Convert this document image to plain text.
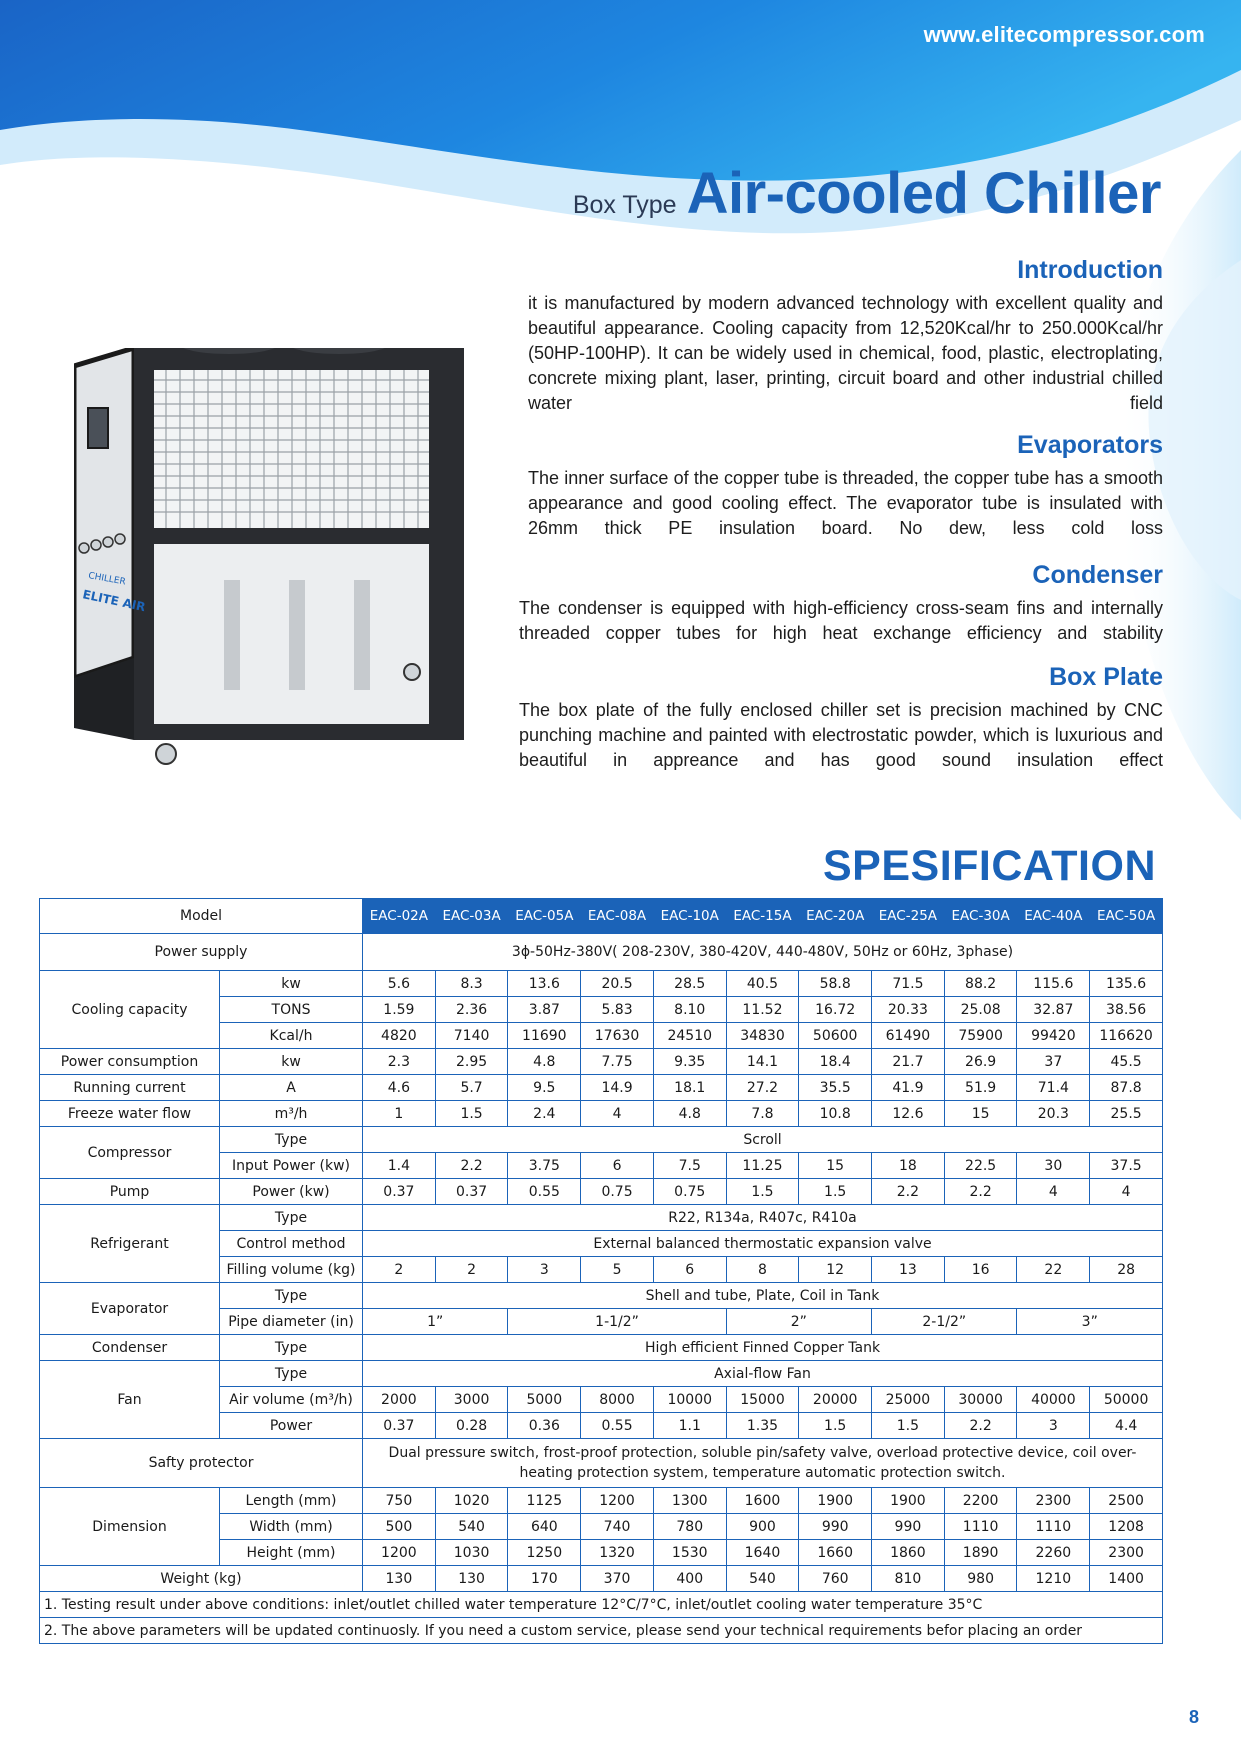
www.elitecompressor.com
Box Type Air-cooled Chiller
CHILLER
ELITE AIR
Introduction

it is manufactured by modern advanced technology with excellent quality and beautiful appearance. Cooling capacity from 12,520Kcal/hr to 250.000Kcal/hr (50HP-100HP). It can be widely used in chemical, food, plastic, electroplating, concrete mixing plant, laser, printing, circuit board and other industrial chilled water field

Evaporators

The inner surface of the copper tube is threaded, the copper tube has a smooth appearance and good cooling effect. The evaporator tube is insulated with 26mm thick PE insulation board. No dew, less cold loss

Condenser

The condenser is equipped with high-efficiency cross-seam fins and internally threaded copper tubes for high heat exchange efficiency and stability

Box Plate

The box plate of the fully enclosed chiller set is precision machined by CNC punching machine and painted with electrostatic powder, which is luxurious and beautiful in appreance and has good sound insulation effect

SPESIFICATION
Model		EAC-02A	EAC-03A	EAC-05A	EAC-08A	EAC-10A	EAC-15A	EAC-20A	EAC-25A	EAC-30A	EAC-40A	EAC-50A
Power supply		3ϕ-50Hz-380V( 208-230V, 380-420V, 440-480V, 50Hz or 60Hz, 3phase)										
Cooling capacity	kw	5.6	8.3	13.6	20.5	28.5	40.5	58.8	71.5	88.2	115.6	135.6
	TONS	1.59	2.36	3.87	5.83	8.10	11.52	16.72	20.33	25.08	32.87	38.56
	Kcal/h	4820	7140	11690	17630	24510	34830	50600	61490	75900	99420	116620
Power consumption	kw	2.3	2.95	4.8	7.75	9.35	14.1	18.4	21.7	26.9	37	45.5
Running current	A	4.6	5.7	9.5	14.9	18.1	27.2	35.5	41.9	51.9	71.4	87.8
Freeze water flow	m³/h	1	1.5	2.4	4	4.8	7.8	10.8	12.6	15	20.3	25.5
Compressor	Type	Scroll										
	Input Power (kw)	1.4	2.2	3.75	6	7.5	11.25	15	18	22.5	30	37.5
Pump	Power (kw)	0.37	0.37	0.55	0.75	0.75	1.5	1.5	2.2	2.2	4	4
Refrigerant	Type	R22, R134a, R407c, R410a										
	Control method	External balanced thermostatic expansion valve										
	Filling volume (kg)	2	2	3	5	6	8	12	13	16	22	28
Evaporator	Type	Shell and tube, Plate, Coil in Tank										
	Pipe diameter (in)	1”		1-1/2”			2”		2-1/2”		3”	
Condenser	Type	High efficient Finned Copper Tank										
Fan	Type	Axial-flow Fan										
	Air volume (m³/h)	2000	3000	5000	8000	10000	15000	20000	25000	30000	40000	50000
	Power	0.37	0.28	0.36	0.55	1.1	1.35	1.5	1.5	2.2	3	4.4
Safty protector		Dual pressure switch, frost-proof protection, soluble pin/safety valve, overload protective device, coil over-heating protection system, temperature automatic protection switch.										
Dimension	Length (mm)	750	1020	1125	1200	1300	1600	1900	1900	2200	2300	2500
	Width (mm)	500	540	640	740	780	900	990	990	1110	1110	1208
	Height (mm)	1200	1030	1250	1320	1530	1640	1660	1860	1890	2260	2300
Weight (kg)		130	130	170	370	400	540	760	810	980	1210	1400
1. Testing result under above conditions: inlet/outlet chilled water temperature 12°C/7°C, inlet/outlet cooling water temperature 35°C												
2. The above parameters will be updated continuosly. If you need a custom service, please send your technical requirements befor placing an order												
8
